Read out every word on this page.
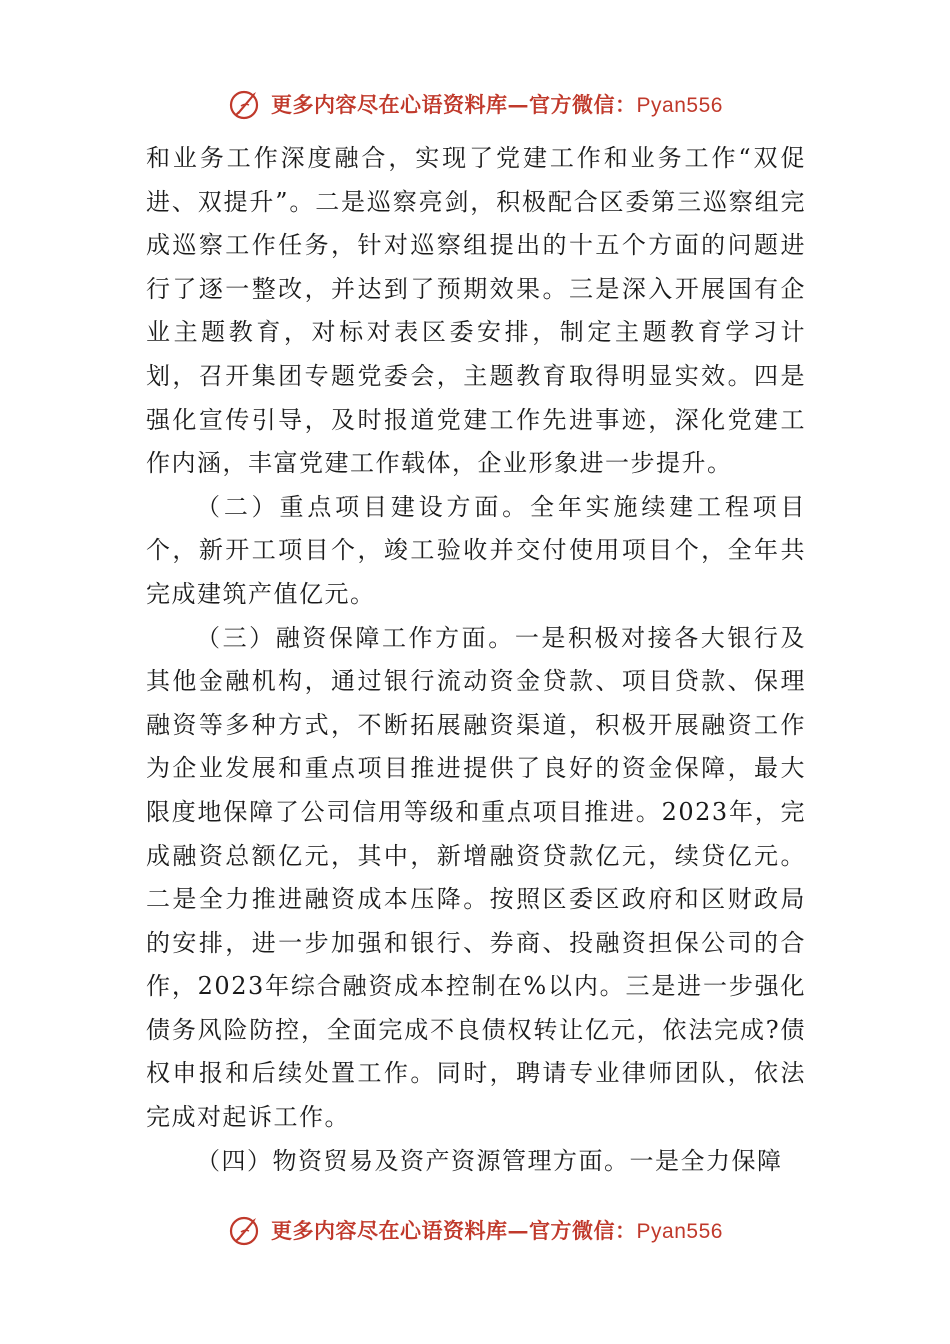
更多内容尽在心语资料库—官方微信：Pyan556

和业务工作深度融合，实现了党建工作和业务工作“双促进、双提升”。二是巡察亮剑，积极配合区委第三巡察组完成巡察工作任务，针对巡察组提出的十五个方面的问题进行了逐一整改，并达到了预期效果。三是深入开展国有企业主题教育，对标对表区委安排，制定主题教育学习计划，召开集团专题党委会，主题教育取得明显实效。四是强化宣传引导，及时报道党建工作先进事迹，深化党建工作内涵，丰富党建工作载体，企业形象进一步提升。

（二）重点项目建设方面。全年实施续建工程项目个，新开工项目个，竣工验收并交付使用项目个，全年共完成建筑产值亿元。

（三）融资保障工作方面。一是积极对接各大银行及其他金融机构，通过银行流动资金贷款、项目贷款、保理融资等多种方式，不断拓展融资渠道，积极开展融资工作为企业发展和重点项目推进提供了良好的资金保障，最大限度地保障了公司信用等级和重点项目推进。2023年，完成融资总额亿元，其中，新增融资贷款亿元，续贷亿元。二是全力推进融资成本压降。按照区委区政府和区财政局的安排，进一步加强和银行、券商、投融资担保公司的合作，2023年综合融资成本控制在%以内。三是进一步强化债务风险防控，全面完成不良债权转让亿元，依法完成?债权申报和后续处置工作。同时，聘请专业律师团队，依法完成对起诉工作。

（四）物资贸易及资产资源管理方面。一是全力保障

更多内容尽在心语资料库—官方微信：Pyan556
